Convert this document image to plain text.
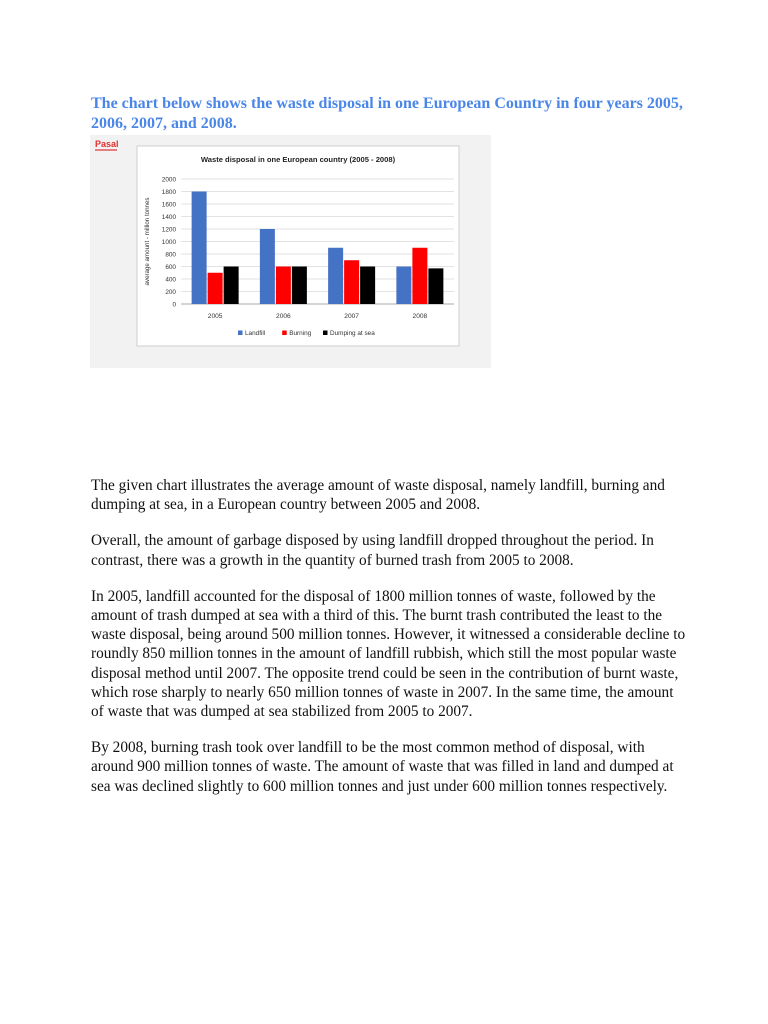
The chart below shows the waste disposal in one European Country in four years 2005, 2006, 2007, and 2008.
Waste disposal in one European country (2005 - 2008)
0
200
400
600
800
1000
1200
1400
1600
1800
2000
average amount - million tonnes
2005	2006	2007	2008
Landfill	Burning	Dumping at sea
Pasal

The given chart illustrates the average amount of waste disposal, namely landfill, burning and dumping at sea, in a European country between 2005 and 2008.

Overall, the amount of garbage disposed by using landfill dropped throughout the period. In contrast, there was a growth in the quantity of burned trash from 2005 to 2008.

In 2005, landfill accounted for the disposal of 1800 million tonnes of waste, followed by the amount of trash dumped at sea with a third of this. The burnt trash contributed the least to the waste disposal, being around 500 million tonnes. However, it witnessed a considerable decline to roundly 850 million tonnes in the amount of landfill rubbish, which still the most popular waste disposal method until 2007. The opposite trend could be seen in the contribution of burnt waste, which rose sharply to nearly 650 million tonnes of waste in 2007. In the same time, the amount of waste that was dumped at sea stabilized from 2005 to 2007.

By 2008, burning trash took over landfill to be the most common method of disposal, with around 900 million tonnes of waste. The amount of waste that was filled in land and dumped at sea was declined slightly to 600 million tonnes and just under 600 million tonnes respectively.
